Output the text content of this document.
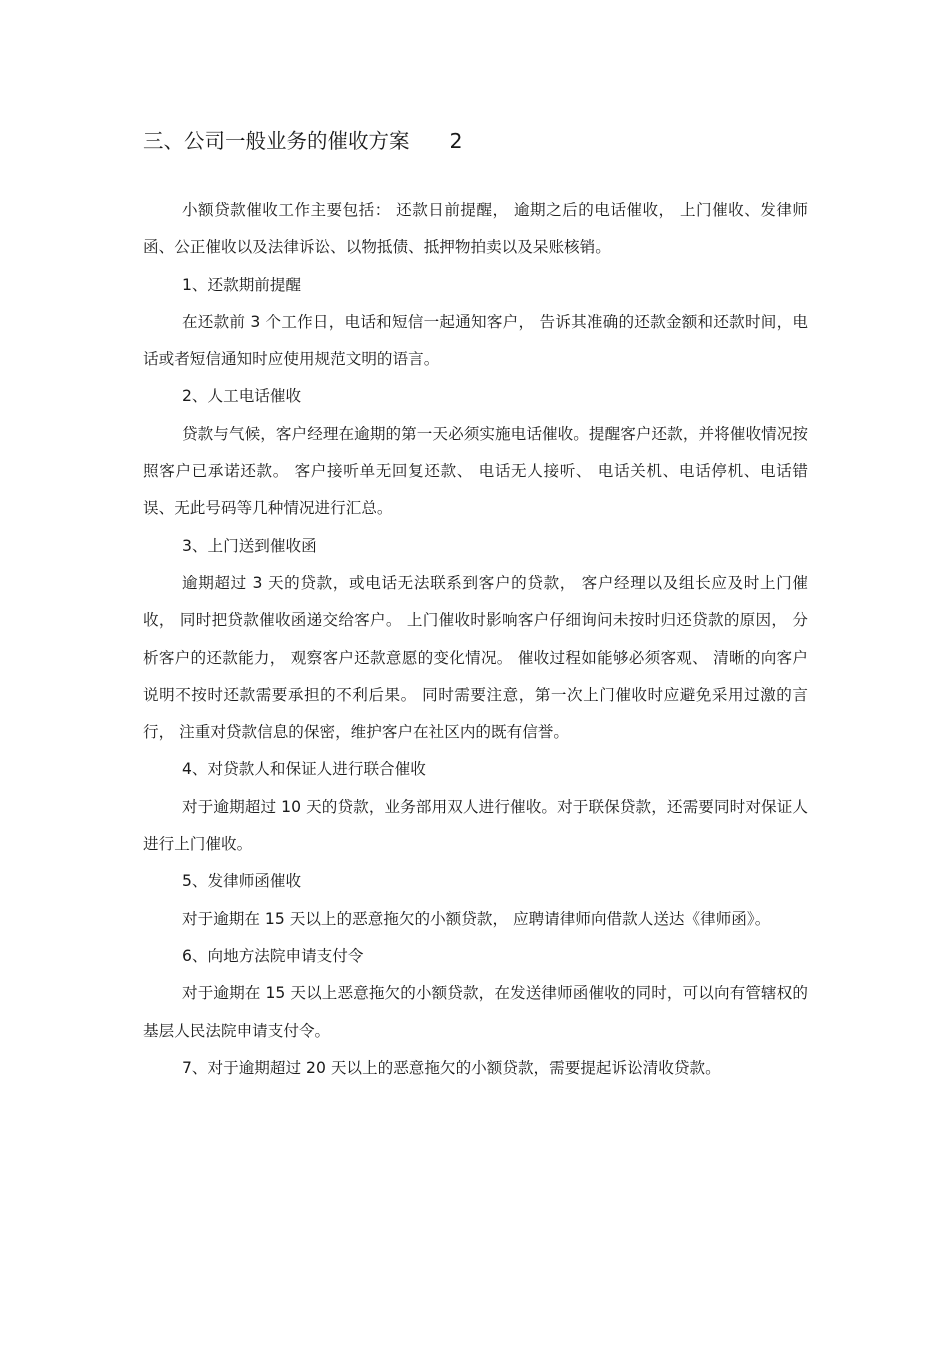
三、公司一般业务的催收方案 2

小额贷款催收工作主要包括： 还款日前提醒， 逾期之后的电话催收， 上门催收、发律师函、公正催收以及法律诉讼、以物抵债、抵押物拍卖以及呆账核销。

1、还款期前提醒

在还款前 3 个工作日，电话和短信一起通知客户， 告诉其准确的还款金额和还款时间，电话或者短信通知时应使用规范文明的语言。

2、人工电话催收

贷款与气候，客户经理在逾期的第一天必须实施电话催收。提醒客户还款，并将催收情况按照客户已承诺还款。 客户接听单无回复还款、 电话无人接听、 电话关机、电话停机、电话错误、无此号码等几种情况进行汇总。

3、上门送到催收函

逾期超过 3 天的贷款，或电话无法联系到客户的贷款， 客户经理以及组长应及时上门催收， 同时把贷款催收函递交给客户。 上门催收时影响客户仔细询问未按时归还贷款的原因， 分析客户的还款能力， 观察客户还款意愿的变化情况。 催收过程如能够必须客观、 清晰的向客户说明不按时还款需要承担的不利后果。 同时需要注意，第一次上门催收时应避免采用过激的言行， 注重对贷款信息的保密，维护客户在社区内的既有信誉。

4、对贷款人和保证人进行联合催收

对于逾期超过 10 天的贷款，业务部用双人进行催收。对于联保贷款，还需要同时对保证人进行上门催收。

5、发律师函催收

对于逾期在 15 天以上的恶意拖欠的小额贷款， 应聘请律师向借款人送达《律师函》。

6、向地方法院申请支付令

对于逾期在 15 天以上恶意拖欠的小额贷款，在发送律师函催收的同时，可以向有管辖权的基层人民法院申请支付令。

7、对于逾期超过 20 天以上的恶意拖欠的小额贷款，需要提起诉讼清收贷款。
